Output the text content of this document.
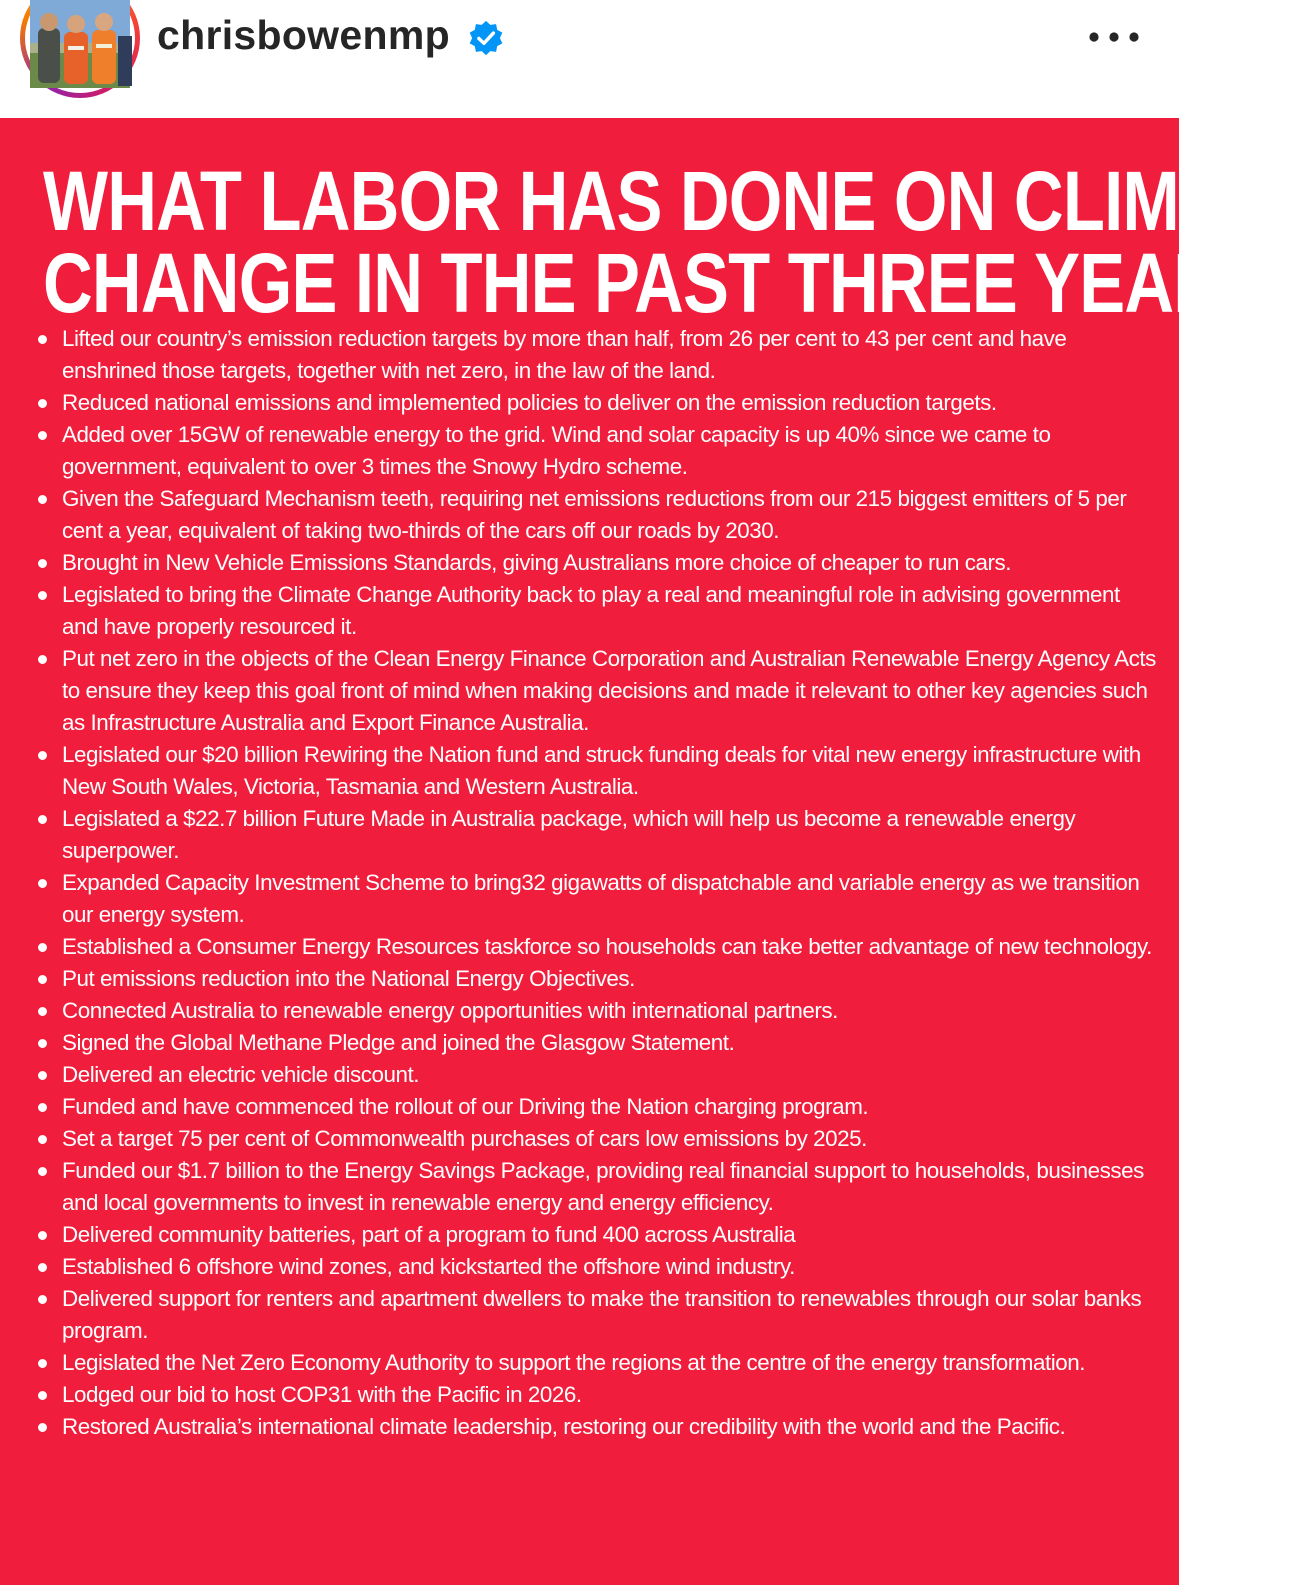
chrisbowenmp
WHAT LABOR HAS DONE ON CLIMATE
CHANGE IN THE PAST THREE YEARS
Lifted our country’s emission reduction targets by more than half, from 26 per cent to 43 per cent and have enshrined those targets, together with net zero, in the law of the land.
Reduced national emissions and implemented policies to deliver on the emission reduction targets.
Added over 15GW of renewable energy to the grid. Wind and solar capacity is up 40% since we came to government, equivalent to over 3 times the Snowy Hydro scheme.
Given the Safeguard Mechanism teeth, requiring net emissions reductions from our 215 biggest emitters of 5 per cent a year, equivalent of taking two-thirds of the cars off our roads by 2030.
Brought in New Vehicle Emissions Standards, giving Australians more choice of cheaper to run cars.
Legislated to bring the Climate Change Authority back to play a real and meaningful role in advising government and have properly resourced it.
Put net zero in the objects of the Clean Energy Finance Corporation and Australian Renewable Energy Agency Acts to ensure they keep this goal front of mind when making decisions and made it relevant to other key agencies such as Infrastructure Australia and Export Finance Australia.
Legislated our $20 billion Rewiring the Nation fund and struck funding deals for vital new energy infrastructure with New South Wales, Victoria, Tasmania and Western Australia.
Legislated a $22.7 billion Future Made in Australia package, which will help us become a renewable energy superpower.
Expanded Capacity Investment Scheme to bring32 gigawatts of dispatchable and variable energy as we transition our energy system.
Established a Consumer Energy Resources taskforce so households can take better advantage of new technology.
Put emissions reduction into the National Energy Objectives.
Connected Australia to renewable energy opportunities with international partners.
Signed the Global Methane Pledge and joined the Glasgow Statement.
Delivered an electric vehicle discount.
Funded and have commenced the rollout of our Driving the Nation charging program.
Set a target 75 per cent of Commonwealth purchases of cars low emissions by 2025.
Funded our $1.7 billion to the Energy Savings Package, providing real financial support to households, businesses and local governments to invest in renewable energy and energy efficiency.
Delivered community batteries, part of a program to fund 400 across Australia
Established 6 offshore wind zones, and kickstarted the offshore wind industry.
Delivered support for renters and apartment dwellers to make the transition to renewables through our solar banks program.
Legislated the Net Zero Economy Authority to support the regions at the centre of the energy transformation.
Lodged our bid to host COP31 with the Pacific in 2026.
Restored Australia’s international climate leadership, restoring our credibility with the world and the Pacific.
